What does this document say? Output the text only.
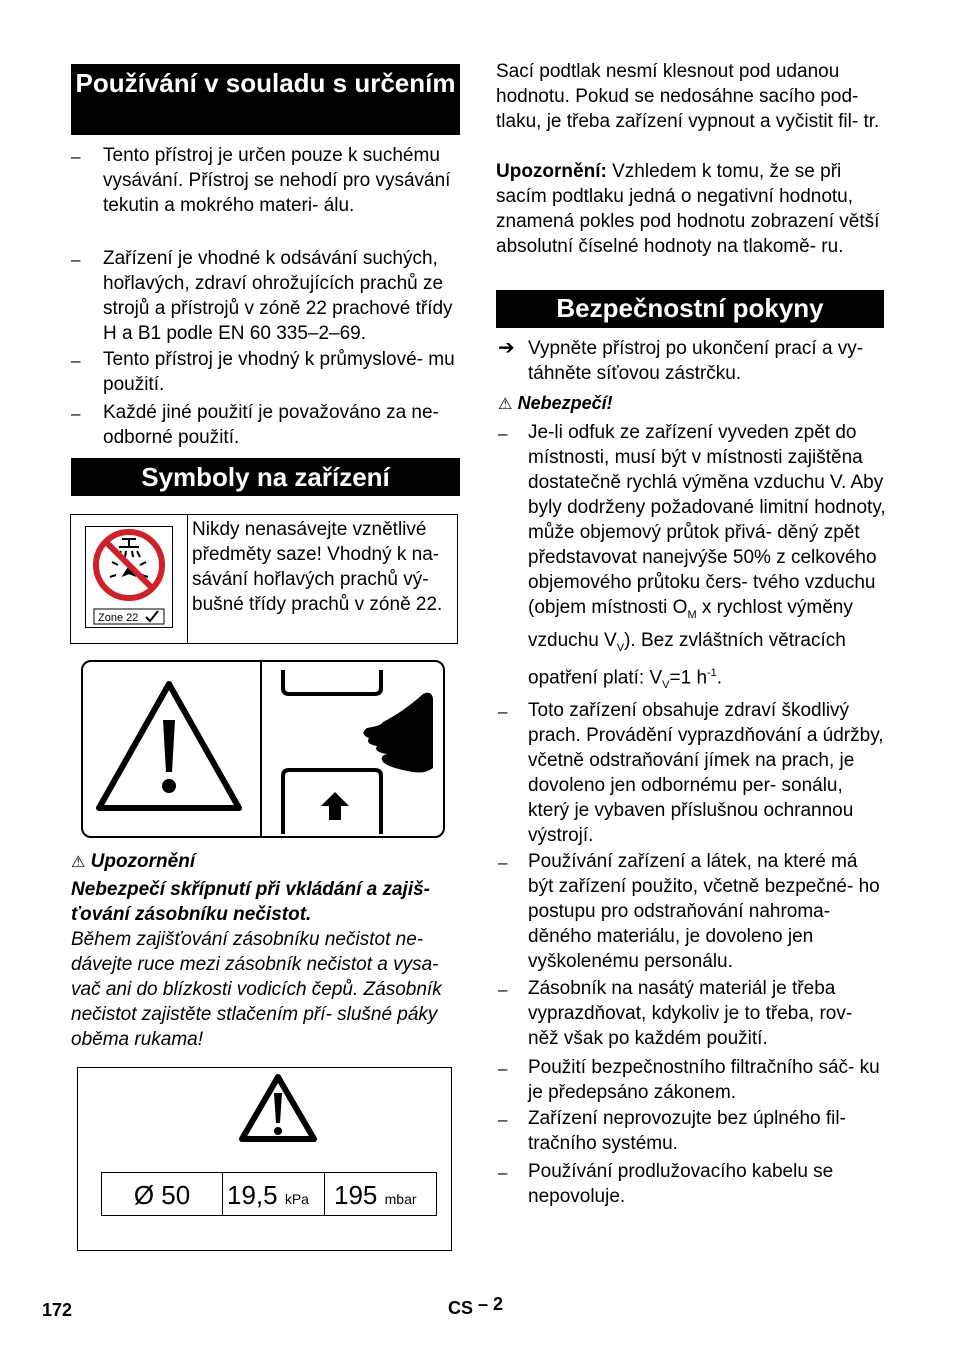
Používání v souladu s určením
– Tento přístroj je určen pouze k suchému vysávání. Přístroj se nehodí pro vysávání tekutin a mokrého materi- álu.
– Zařízení je vhodné k odsávání suchých, hořlavých, zdraví ohrožujících prachů ze strojů a přístrojů v zóně 22 prachové třídy H a B1 podle EN 60 335–2–69.
– Tento přístroj je vhodný k průmyslové- mu použití.
– Každé jiné použití je považováno za ne- odborné použití.
Symboly na zařízení
Zone 22
Nikdy nenasávejte vznětlivé předměty saze! Vhodný k na- sávání hořlavých prachů vý- bušné třídy prachů v zóně 22.
⚠ Upozornění
Nebezpečí skřípnutí při vkládání a zajiš- ťování zásobníku nečistot.
Během zajišťování zásobníku nečistot ne- dávejte ruce mezi zásobník nečistot a vysa- vač ani do blízkosti vodicích čepů. Zásobník nečistot zajistěte stlačením pří- slušné páky oběma rukama!
Ø 50	19,5 kPa 195 mbar
Sací podtlak nesmí klesnout pod udanou hodnotu. Pokud se nedosáhne sacího pod- tlaku, je třeba zařízení vypnout a vyčistit fil- tr.
Upozornění: Vzhledem k tomu, že se při sacím podtlaku jedná o negativní hodnotu, znamená pokles pod hodnotu zobrazení větší absolutní číselné hodnoty na tlakomě- ru.
Bezpečnostní pokyny
➔ Vypněte přístroj po ukončení prací a vy- táhněte síťovou zástrčku.
⚠ Nebezpečí!
– Je-li odfuk ze zařízení vyveden zpět do místnosti, musí být v místnosti zajištěna dostatečně rychlá výměna vzduchu V. Aby byly dodrženy požadované limitní hodnoty, může objemový průtok přivá- děný zpět představovat nanejvýše 50% z celkového objemového průtoku čers- tvého vzduchu (objem místnosti $O_M$ x rychlost výměny vzduchu $V_V$). Bez zvláštních větracích opatření platí: $V_V=1$ $h^{-1}$.
– Toto zařízení obsahuje zdraví škodlivý prach. Provádění vyprazdňování a údržby, včetně odstraňování jímek na prach, je dovoleno jen odbornému per- sonálu, který je vybaven příslušnou ochrannou výstrojí.
– Používání zařízení a látek, na které má být zařízení použito, včetně bezpečné- ho postupu pro odstraňování nahroma- děného materiálu, je dovoleno jen vyškolenému personálu.
– Zásobník na nasátý materiál je třeba vyprazdňovat, kdykoliv je to třeba, rov- něž však po každém použití.
– Použití bezpečnostního filtračního sáč- ku je předepsáno zákonem.
– Zařízení neprovozujte bez úplného fil- tračního systému.
– Používání prodlužovacího kabelu se nepovoluje.
172	CS – 2
